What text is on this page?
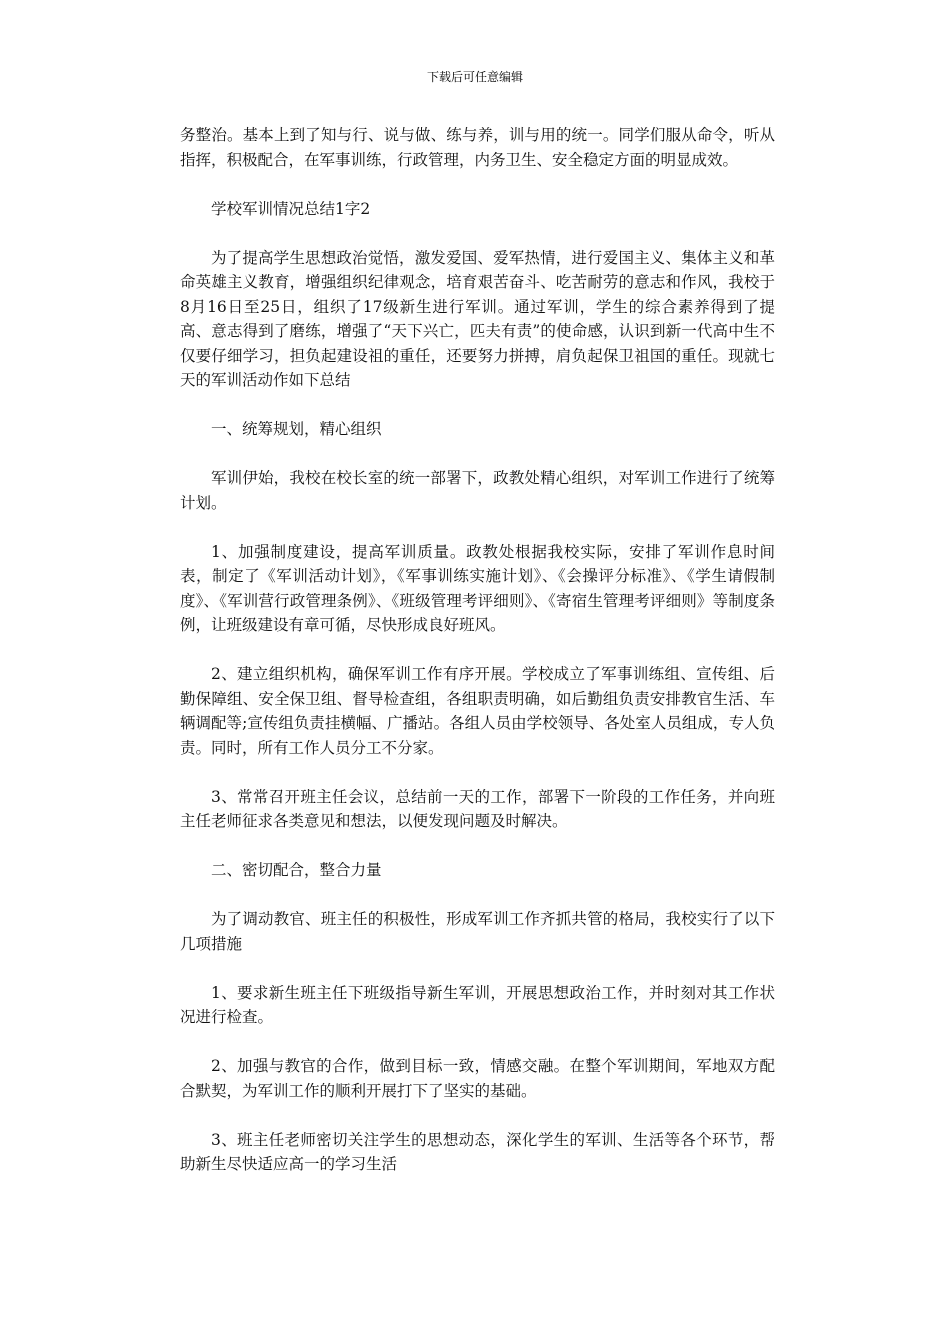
下载后可任意编辑

务整治。基本上到了知与行、说与做、练与养，训与用的统一。同学们服从命令，听从指挥，积极配合，在军事训练，行政管理，内务卫生、安全稳定方面的明显成效。

学校军训情况总结1字2

为了提高学生思想政治觉悟，激发爱国、爱军热情，进行爱国主义、集体主义和革命英雄主义教育，增强组织纪律观念，培育艰苦奋斗、吃苦耐劳的意志和作风，我校于8月16日至25日，组织了17级新生进行军训。通过军训，学生的综合素养得到了提高、意志得到了磨练，增强了“天下兴亡，匹夫有责”的使命感，认识到新一代高中生不仅要仔细学习，担负起建设祖的重任，还要努力拼搏，肩负起保卫祖国的重任。现就七天的军训活动作如下总结

一、统筹规划，精心组织

军训伊始，我校在校长室的统一部署下，政教处精心组织，对军训工作进行了统筹计划。

1、加强制度建设，提高军训质量。政教处根据我校实际，安排了军训作息时间表，制定了《军训活动计划》，《军事训练实施计划》、《会操评分标准》、《学生请假制度》、《军训营行政管理条例》、《班级管理考评细则》、《寄宿生管理考评细则》等制度条例，让班级建设有章可循，尽快形成良好班风。

2、建立组织机构，确保军训工作有序开展。学校成立了军事训练组、宣传组、后勤保障组、安全保卫组、督导检查组，各组职责明确，如后勤组负责安排教官生活、车辆调配等;宣传组负责挂横幅、广播站。各组人员由学校领导、各处室人员组成，专人负责。同时，所有工作人员分工不分家。

3、常常召开班主任会议，总结前一天的工作，部署下一阶段的工作任务，并向班主任老师征求各类意见和想法，以便发现问题及时解决。

二、密切配合，整合力量

为了调动教官、班主任的积极性，形成军训工作齐抓共管的格局，我校实行了以下几项措施

1、要求新生班主任下班级指导新生军训，开展思想政治工作，并时刻对其工作状况进行检查。

2、加强与教官的合作，做到目标一致，情感交融。在整个军训期间，军地双方配合默契，为军训工作的顺利开展打下了坚实的基础。

3、班主任老师密切关注学生的思想动态，深化学生的军训、生活等各个环节，帮助新生尽快适应高一的学习生活
